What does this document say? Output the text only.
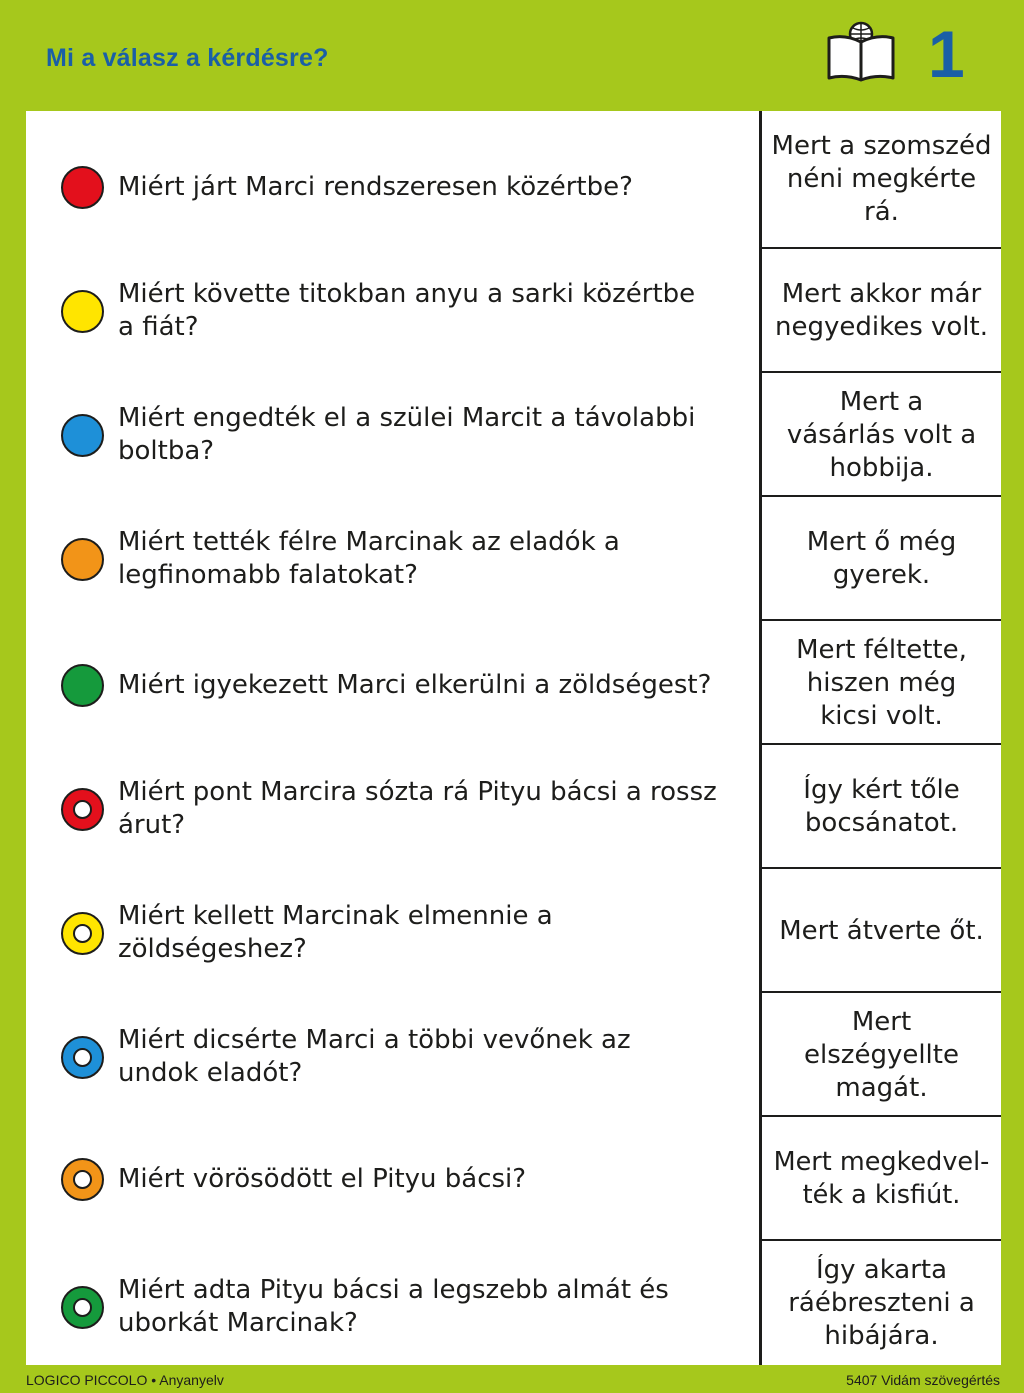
Mi a válasz a kérdésre?	1
Miért járt Marci rendszeresen közértbe?
Miért követte titokban anyu a sarki közértbe a fiát?
Miért engedték el a szülei Marcit a távolabbi boltba?
Miért tették félre Marcinak az eladók a legfinomabb falatokat?
Miért igyekezett Marci elkerülni a zöldségest?
Miért pont Marcira sózta rá Pityu bácsi a rossz árut?
Miért kellett Marcinak elmennie a zöldségeshez?
Miért dicsérte Marci a többi vevőnek az undok eladót?
Miért vörösödött el Pityu bácsi?
Miért adta Pityu bácsi a legszebb almát és uborkát Marcinak?
Mert a szomszéd néni megkérte rá.
Mert akkor már negyedikes volt.
Mert a vásárlás volt a hobbija.
Mert ő még gyerek.
Mert féltette, hiszen még kicsi volt.
Így kért tőle bocsánatot.
Mert átverte őt.
Mert elszégyellte magát.
Mert megkedvel-ték a kisfiút.
Így akarta ráébreszteni a hibájára.
LOGICO PICCOLO • Anyanyelv	5407 Vidám szövegértés
